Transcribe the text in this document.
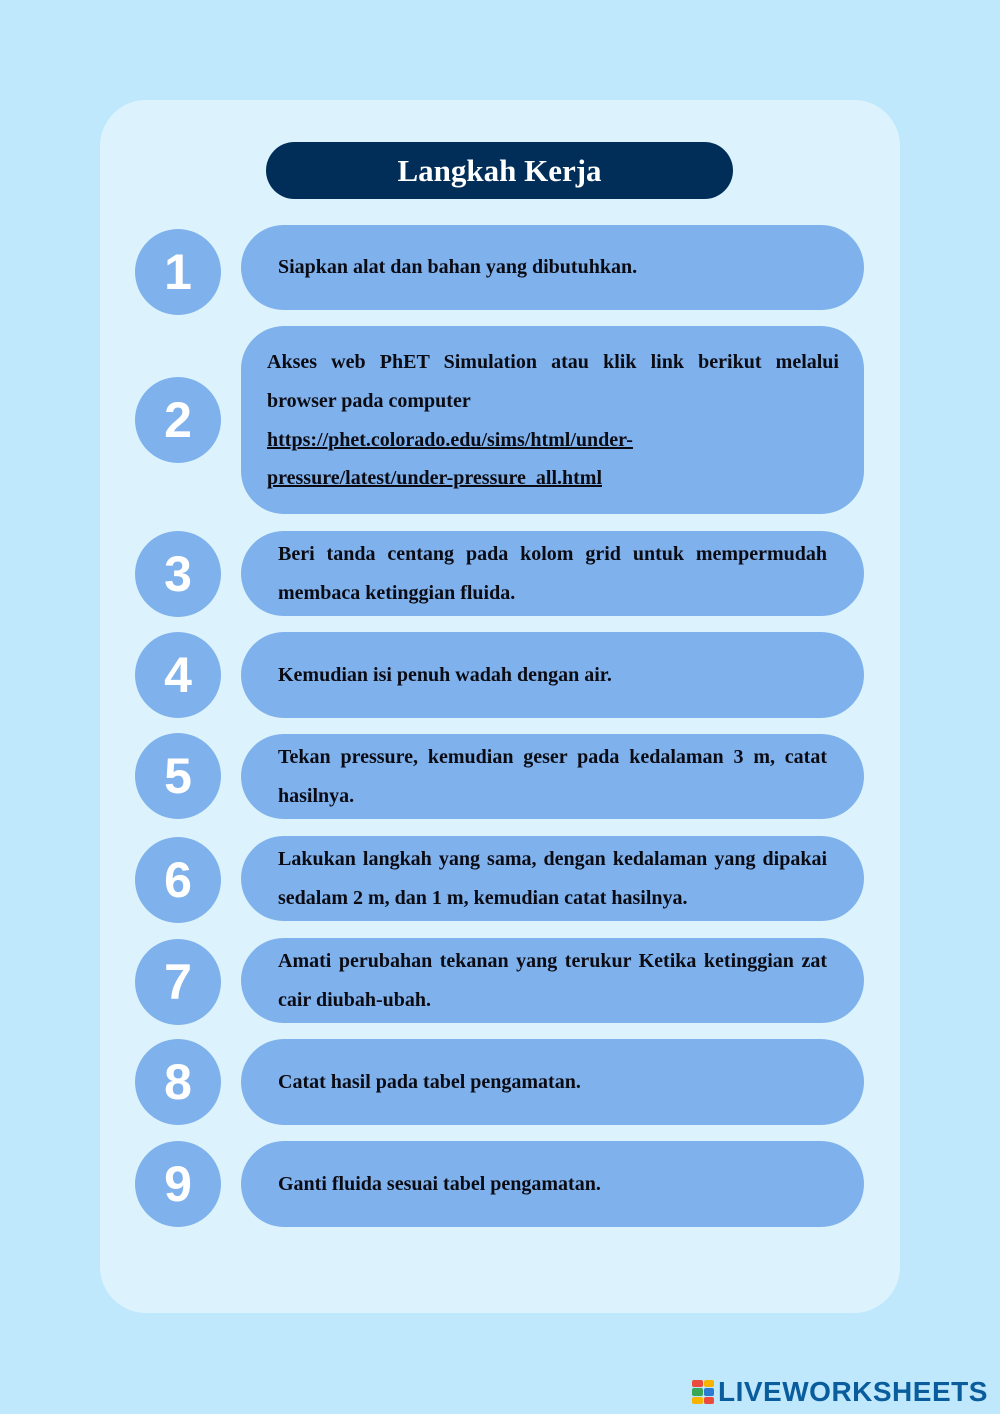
Langkah Kerja
1	Siapkan alat dan bahan yang dibutuhkan.
2
Akses web PhET Simulation atau klik link berikut melalui browser pada computer
https://phet.colorado.edu/sims/html/under-
pressure/latest/under-pressure_all.html
3	Beri tanda centang pada kolom grid untuk mempermudah membaca ketinggian fluida.
4	Kemudian isi penuh wadah dengan air.
5	Tekan pressure, kemudian geser pada kedalaman 3 m, catat hasilnya.
6	Lakukan langkah yang sama, dengan kedalaman yang dipakai sedalam 2 m, dan 1 m, kemudian catat hasilnya.
7	Amati perubahan tekanan yang terukur Ketika ketinggian zat cair diubah-ubah.
8	Catat hasil pada tabel pengamatan.
9	Ganti fluida sesuai tabel pengamatan.
LIVEWORKSHEETS
